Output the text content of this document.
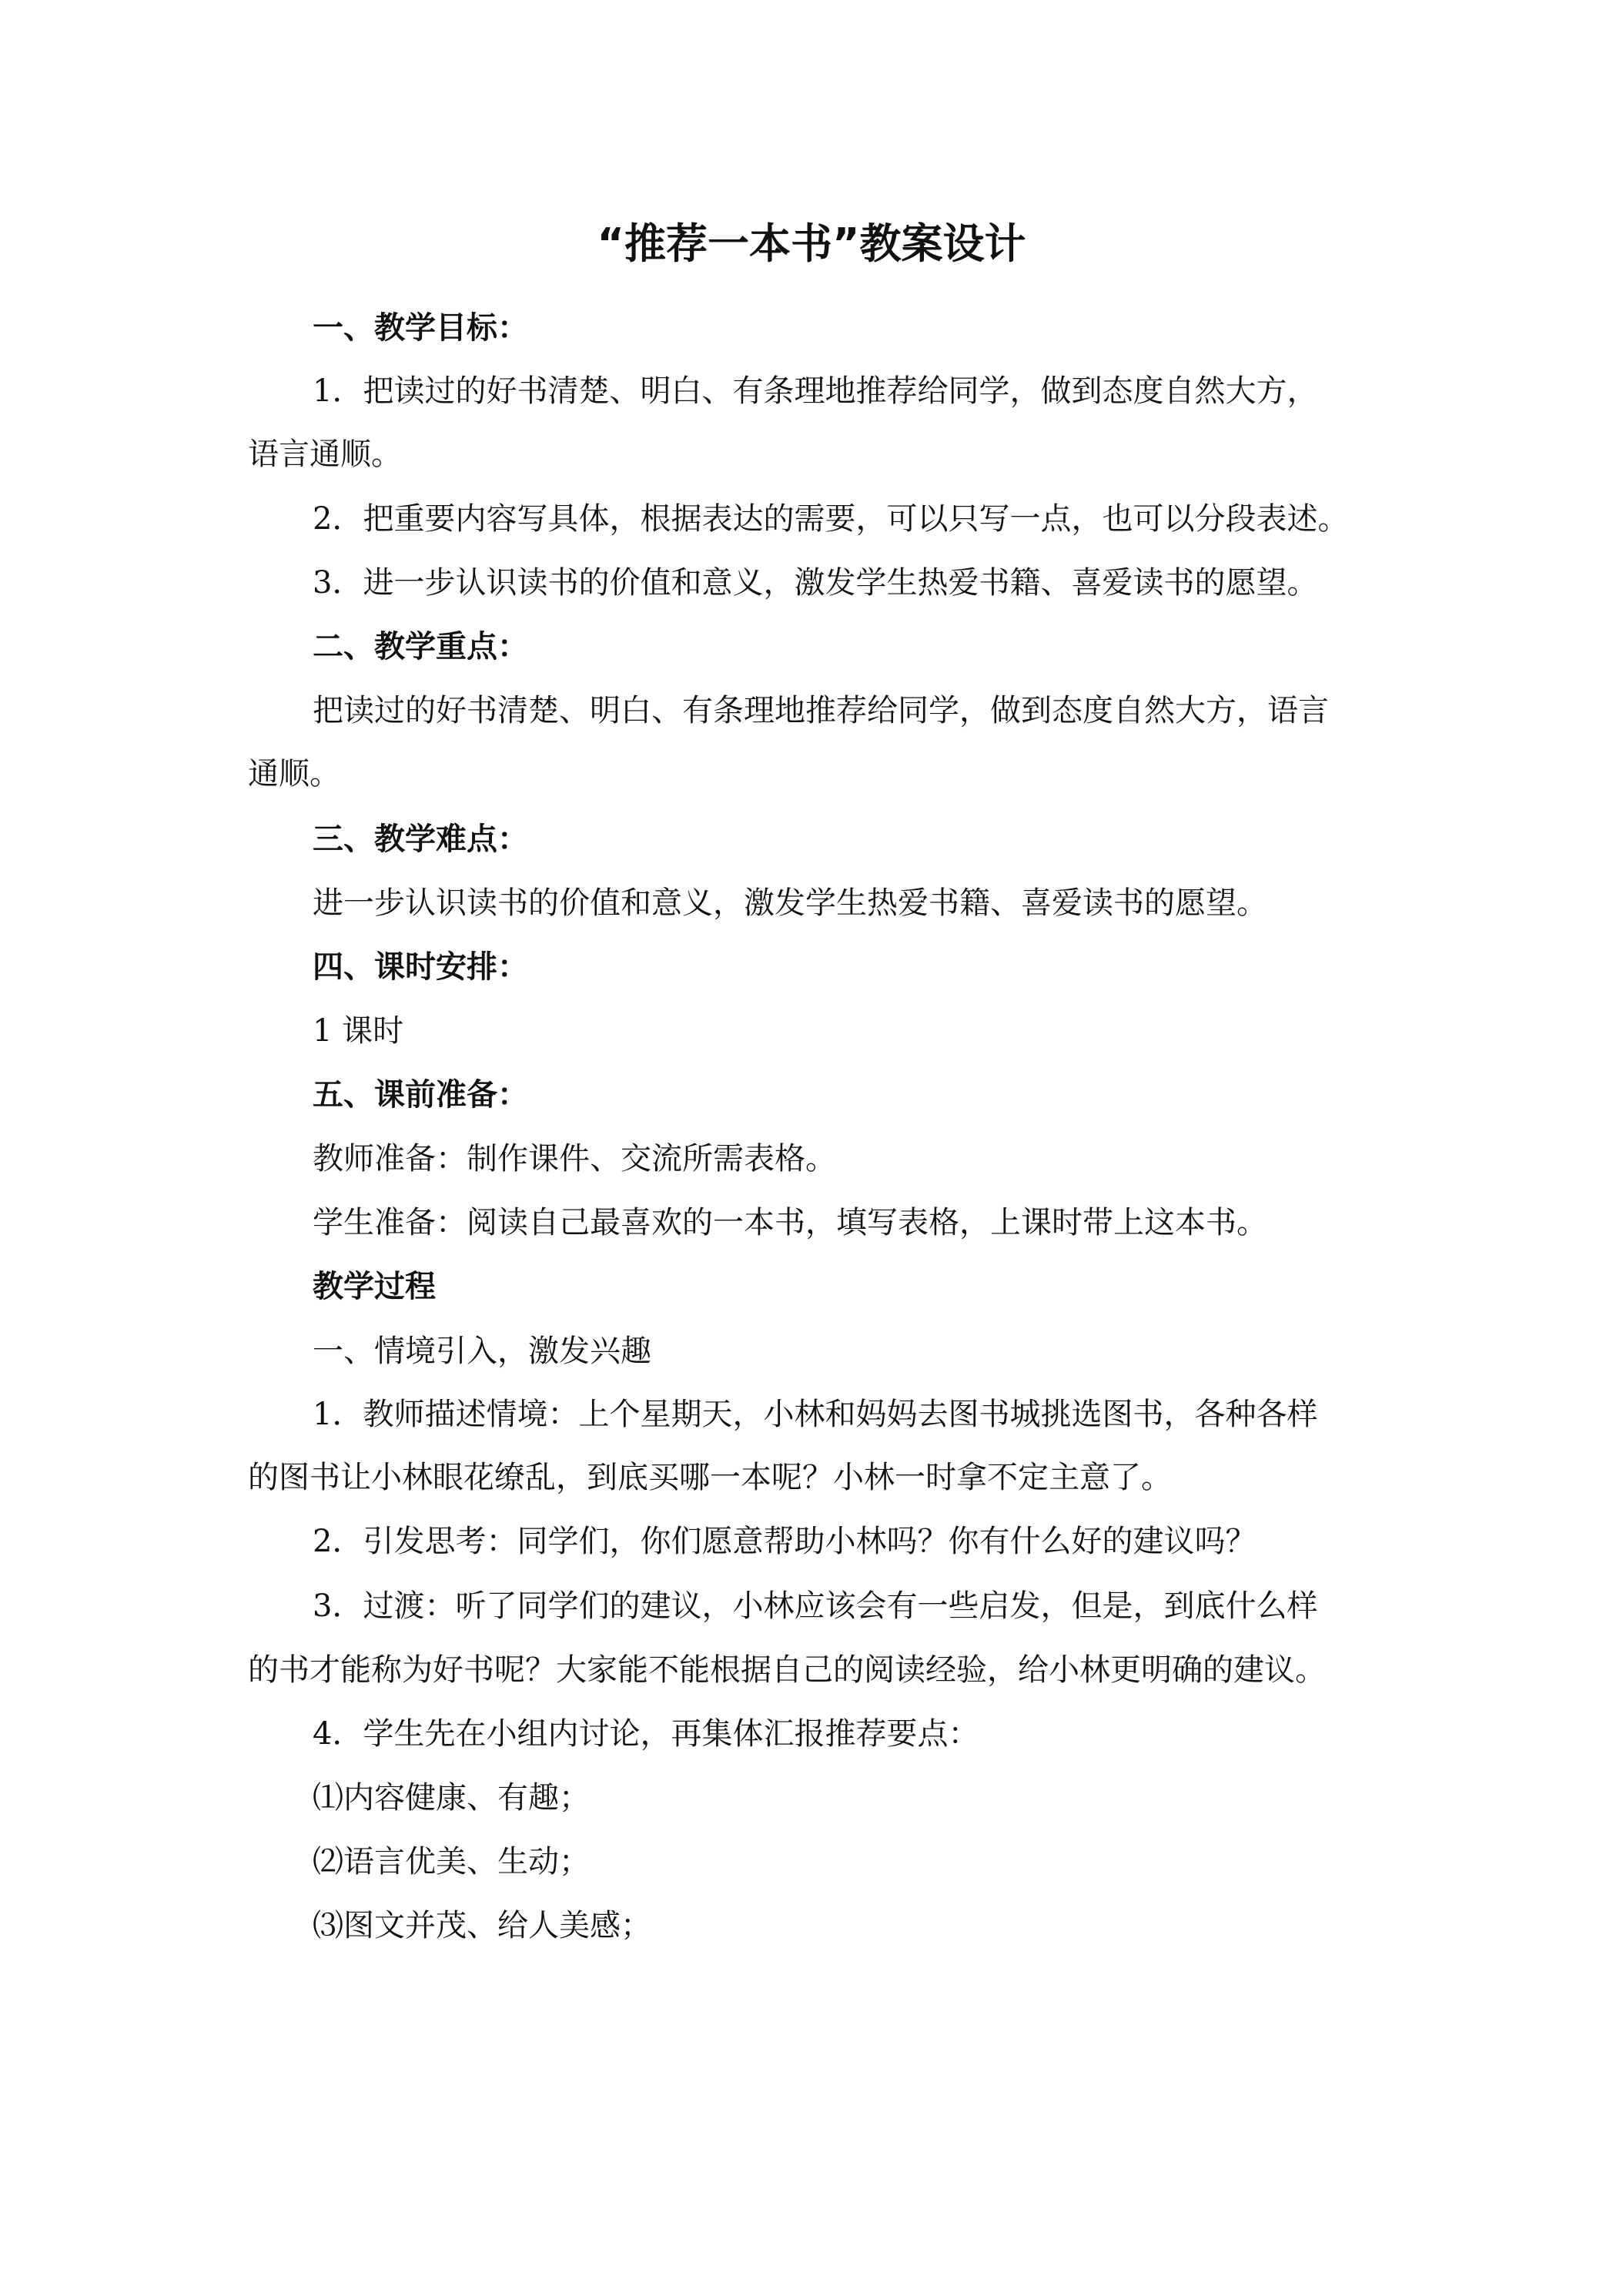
“推荐一本书”教案设计
一、教学目标：
1．把读过的好书清楚、明白、有条理地推荐给同学，做到态度自然大方，
语言通顺。
2．把重要内容写具体，根据表达的需要，可以只写一点，也可以分段表述。
3．进一步认识读书的价值和意义，激发学生热爱书籍、喜爱读书的愿望。
二、教学重点：
把读过的好书清楚、明白、有条理地推荐给同学，做到态度自然大方，语言
通顺。
三、教学难点：
进一步认识读书的价值和意义，激发学生热爱书籍、喜爱读书的愿望。
四、课时安排：
1 课时
五、课前准备：
教师准备：制作课件、交流所需表格。
学生准备：阅读自己最喜欢的一本书，填写表格，上课时带上这本书。
教学过程
一、情境引入，激发兴趣
1．教师描述情境：上个星期天，小林和妈妈去图书城挑选图书，各种各样
的图书让小林眼花缭乱，到底买哪一本呢？小林一时拿不定主意了。
2．引发思考：同学们，你们愿意帮助小林吗？你有什么好的建议吗？
3．过渡：听了同学们的建议，小林应该会有一些启发，但是，到底什么样
的书才能称为好书呢？大家能不能根据自己的阅读经验，给小林更明确的建议。
4．学生先在小组内讨论，再集体汇报推荐要点：
⑴内容健康、有趣；
⑵语言优美、生动；
⑶图文并茂、给人美感；
